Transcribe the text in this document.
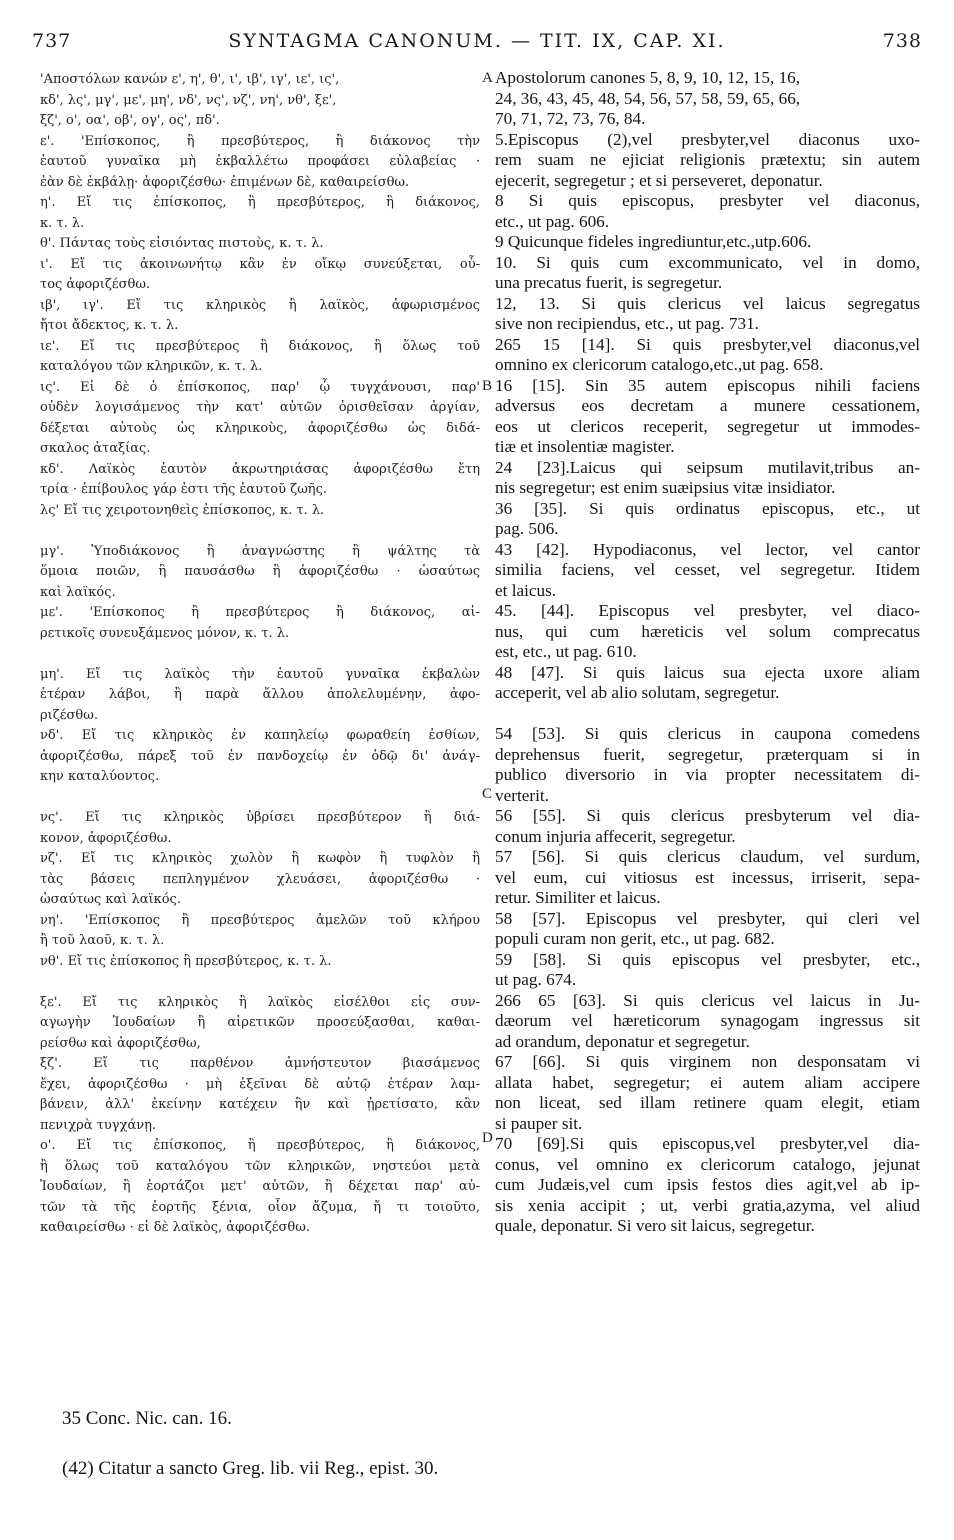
737	SYNTAGMA CANONUM. — TIT. IX, CAP. XI.	738
'Αποστόλων κανών ε', η', θ', ι', ιβ', ιγ', ιε', ις',
κδ', λς', μγ', με', μη', νδ', νς', νζ', νη', νθ', ξε',
ξζ', ο', οα', οβ', ογ', ος', πδ'.
ε'. 'Επίσκοπος, ἢ πρεσβύτερος, ἢ διάκονος τὴν
ἑαυτοῦ γυναῖκα μὴ ἐκβαλλέτω προφάσει εὐλαβείας ·
ἐὰν δὲ ἐκβάλῃ· ἀφοριζέσθω· ἐπιμένων δὲ, καθαιρείσθω.
η'. Εἴ τις ἐπίσκοπος, ἢ πρεσβύτερος, ἢ διάκονος,
κ. τ. λ.
θ'. Πάντας τοὺς εἰσιόντας πιστοὺς, κ. τ. λ.
ι'. Εἴ τις ἀκοινωνήτῳ κἂν ἐν οἴκῳ συνεύξεται, οὗ-
τος ἀφοριζέσθω.
ιβ', ιγ'. Εἴ τις κληρικὸς ἢ λαϊκὸς, ἀφωρισμένος
ἤτοι ἄδεκτος, κ. τ. λ.
ιε'. Εἴ τις πρεσβύτερος ἢ διάκονος, ἢ ὅλως τοῦ
καταλόγου τῶν κληρικῶν, κ. τ. λ.
ις'. Εἰ δὲ ὁ ἐπίσκοπος, παρ' ᾧ τυγχάνουσι, παρ'
οὐδὲν λογισάμενος τὴν κατ' αὐτῶν ὁρισθεῖσαν ἀργίαν,
δέξεται αὐτοὺς ὡς κληρικοὺς, ἀφοριζέσθω ὡς διδά-
σκαλος ἀταξίας.
κδ'. Λαϊκὸς ἑαυτὸν ἀκρωτηριάσας ἀφοριζέσθω ἔτη
τρία · ἐπίβουλος γάρ ἐστι τῆς ἑαυτοῦ ζωῆς.
λς' Εἴ τις χειροτονηθεὶς ἐπίσκοπος, κ. τ. λ.
μγ'. Ὑποδιάκονος ἢ ἀναγνώστης ἢ ψάλτης τὰ
ὅμοια ποιῶν, ἢ παυσάσθω ἢ ἀφοριζέσθω · ὡσαύτως
καὶ λαϊκός.
με'. 'Επίσκοπος ἢ πρεσβύτερος ἢ διάκονος, αἱ-
ρετικοῖς συνευξάμενος μόνον, κ. τ. λ.
μη'. Εἴ τις λαϊκὸς τὴν ἑαυτοῦ γυναῖκα ἐκβαλὼν
ἑτέραν λάβοι, ἢ παρὰ ἄλλου ἀπολελυμένην, ἀφο-
ριζέσθω.
νδ'. Εἴ τις κληρικὸς ἐν καπηλείῳ φωραθείη ἐσθίων,
ἀφοριζέσθω, πάρεξ τοῦ ἐν πανδοχείῳ ἐν ὁδῷ δι' ἀνάγ-
κην καταλύοντος.
νς'. Εἴ τις κληρικὸς ὑβρίσει πρεσβύτερον ἢ διά-
κονον, ἀφοριζέσθω.
νζ'. Εἴ τις κληρικὸς χωλὸν ἢ κωφὸν ἢ τυφλὸν ἢ
τὰς βάσεις πεπληγμένον χλευάσει, ἀφοριζέσθω ·
ὡσαύτως καὶ λαϊκός.
νη'. 'Επίσκοπος ἢ πρεσβύτερος ἀμελῶν τοῦ κλήρου
ἢ τοῦ λαοῦ, κ. τ. λ.
νθ'. Εἴ τις ἐπίσκοπος ἢ πρεσβύτερος, κ. τ. λ.
ξε'. Εἴ τις κληρικὸς ἢ λαϊκὸς εἰσέλθοι εἰς συν-
αγωγὴν Ἰουδαίων ἢ αἱρετικῶν προσεύξασθαι, καθαι-
ρείσθω καὶ ἀφοριζέσθω,
ξζ'. Εἴ τις παρθένον ἀμνήστευτον βιασάμενος
ἔχει, ἀφοριζέσθω · μὴ ἐξεῖναι δὲ αὐτῷ ἑτέραν λαμ-
βάνειν, ἀλλ' ἐκείνην κατέχειν ἣν καὶ ᾑρετίσατο, κἂν
πενιχρὰ τυγχάνῃ.
ο'. Εἴ τις ἐπίσκοπος, ἢ πρεσβύτερος, ἢ διάκονος,
ἢ ὅλως τοῦ καταλόγου τῶν κληρικῶν, νηστεύοι μετὰ
Ἰουδαίων, ἢ ἑορτάζοι μετ' αὐτῶν, ἢ δέχεται παρ' αὐ-
τῶν τὰ τῆς ἑορτῆς ξένια, οἷον ἄζυμα, ἤ τι τοιοῦτο,
καθαιρείσθω · εἰ δὲ λαϊκὸς, ἀφοριζέσθω.
Apostolorum canones 5, 8, 9, 10, 12, 15, 16,
24, 36, 43, 45, 48, 54, 56, 57, 58, 59, 65, 66,
70, 71, 72, 73, 76, 84.
5.Episcopus (2),vel presbyter,vel diaconus uxo-
rem suam ne ejiciat religionis prætextu; sin autem
ejecerit, segregetur ; et si perseveret, deponatur.
8 Si quis episcopus, presbyter vel diaconus,
etc., ut pag. 606.
9 Quicunque fideles ingrediuntur,etc.,utp.606.
10. Si quis cum excommunicato, vel in domo,
una precatus fuerit, is segregetur.
12, 13. Si quis clericus vel laicus segregatus
sive non recipiendus, etc., ut pag. 731.
265 15 [14]. Si quis presbyter,vel diaconus,vel
omnino ex clericorum catalogo,etc.,ut pag. 658.
16 [15]. Sin 35 autem episcopus nihili faciens
adversus eos decretam a munere cessationem,
eos ut clericos receperit, segregetur ut immodes-
tiæ et insolentiæ magister.
24 [23].Laicus qui seipsum mutilavit,tribus an-
nis segregetur; est enim suæipsius vitæ insidiator.
36 [35]. Si quis ordinatus episcopus, etc., ut
pag. 506.
43 [42]. Hypodiaconus, vel lector, vel cantor
similia faciens, vel cesset, vel segregetur. Itidem
et laicus.
45. [44]. Episcopus vel presbyter, vel diaco-
nus, qui cum hæreticis vel solum comprecatus
est, etc., ut pag. 610.
48 [47]. Si quis laicus sua ejecta uxore aliam
acceperit, vel ab alio solutam, segregetur.
54 [53]. Si quis clericus in caupona comedens
deprehensus fuerit, segregetur, præterquam si in
publico diversorio in via propter necessitatem di-
verterit.
56 [55]. Si quis clericus presbyterum vel dia-
conum injuria affecerit, segregetur.
57 [56]. Si quis clericus claudum, vel surdum,
vel eum, cui vitiosus est incessus, irriserit, sepa-
retur. Similiter et laicus.
58 [57]. Episcopus vel presbyter, qui cleri vel
populi curam non gerit, etc., ut pag. 682.
59 [58]. Si quis episcopus vel presbyter, etc.,
ut pag. 674.
266 65 [63]. Si quis clericus vel laicus in Ju-
dæorum vel hæreticorum synagogam ingressus sit
ad orandum, deponatur et segregetur.
67 [66]. Si quis virginem non desponsatam vi
allata habet, segregetur; ei autem aliam accipere
non liceat, sed illam retinere quam elegit, etiam
si pauper sit.
70 [69].Si quis episcopus,vel presbyter,vel dia-
conus, vel omnino ex clericorum catalogo, jejunat
cum Judæis,vel cum ipsis festos dies agit,vel ab ip-
sis xenia accipit ; ut, verbi gratia,azyma, vel aliud
quale, deponatur. Si vero sit laicus, segregetur.
A
B
C
D
35 Conc. Nic. can. 16.
(42) Citatur a sancto Greg. lib. vii Reg., epist. 30.
